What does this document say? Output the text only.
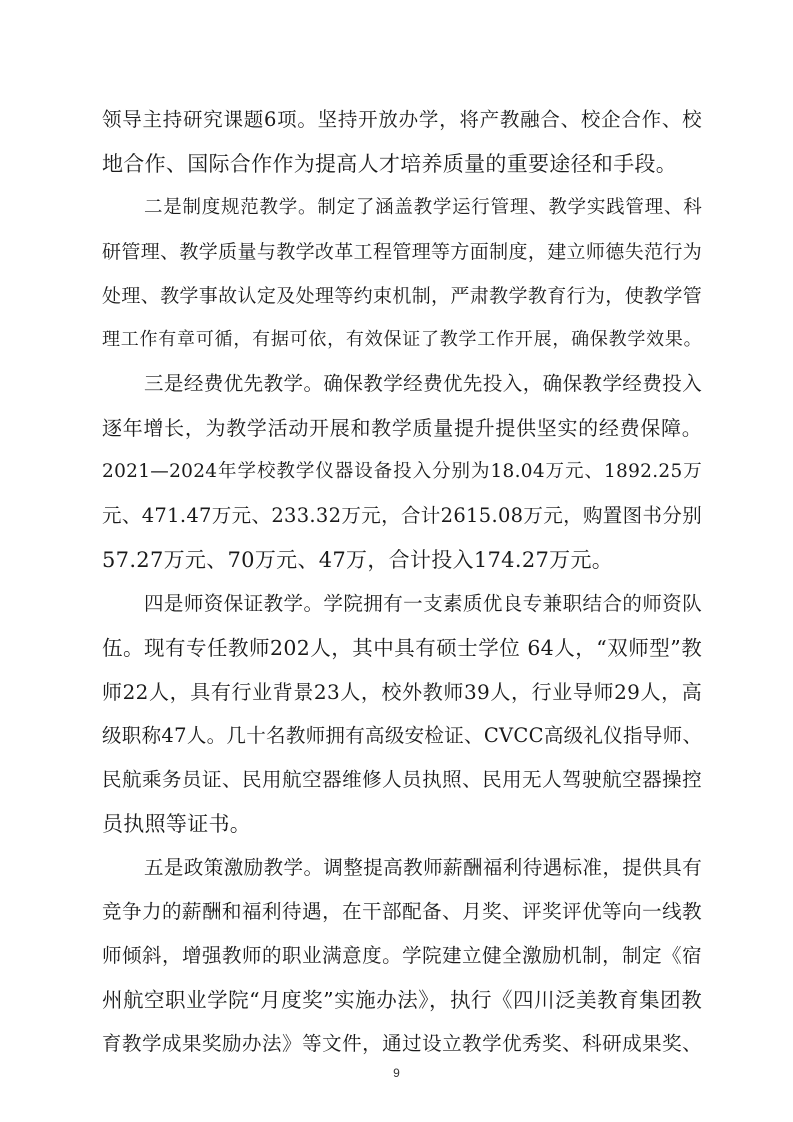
领导主持研究课题6项。坚持开放办学，将产教融合、校企合作、校
地合作、国际合作作为提高人才培养质量的重要途径和手段。
二是制度规范教学。制定了涵盖教学运行管理、教学实践管理、科
研管理、教学质量与教学改革工程管理等方面制度，建立师德失范行为
处理、教学事故认定及处理等约束机制，严肃教学教育行为，使教学管
理工作有章可循，有据可依，有效保证了教学工作开展，确保教学效果。
三是经费优先教学。确保教学经费优先投入，确保教学经费投入
逐年增长，为教学活动开展和教学质量提升提供坚实的经费保障。
2021—2024年学校教学仪器设备投入分别为18.04万元、1892.25万
元、471.47万元、233.32万元，合计2615.08万元，购置图书分别
57.27万元、70万元、47万，合计投入174.27万元。
四是师资保证教学。学院拥有一支素质优良专兼职结合的师资队
伍。现有专任教师202人，其中具有硕士学位 64人，“双师型”教
师22人，具有行业背景23人，校外教师39人，行业导师29人，高
级职称47人。几十名教师拥有高级安检证、CVCC高级礼仪指导师、
民航乘务员证、民用航空器维修人员执照、民用无人驾驶航空器操控
员执照等证书。
五是政策激励教学。调整提高教师薪酬福利待遇标准，提供具有
竞争力的薪酬和福利待遇，在干部配备、月奖、评奖评优等向一线教
师倾斜，增强教师的职业满意度。学院建立健全激励机制，制定《宿
州航空职业学院“月度奖”实施办法》，执行《四川泛美教育集团教
育教学成果奖励办法》等文件，通过设立教学优秀奖、科研成果奖、
9
